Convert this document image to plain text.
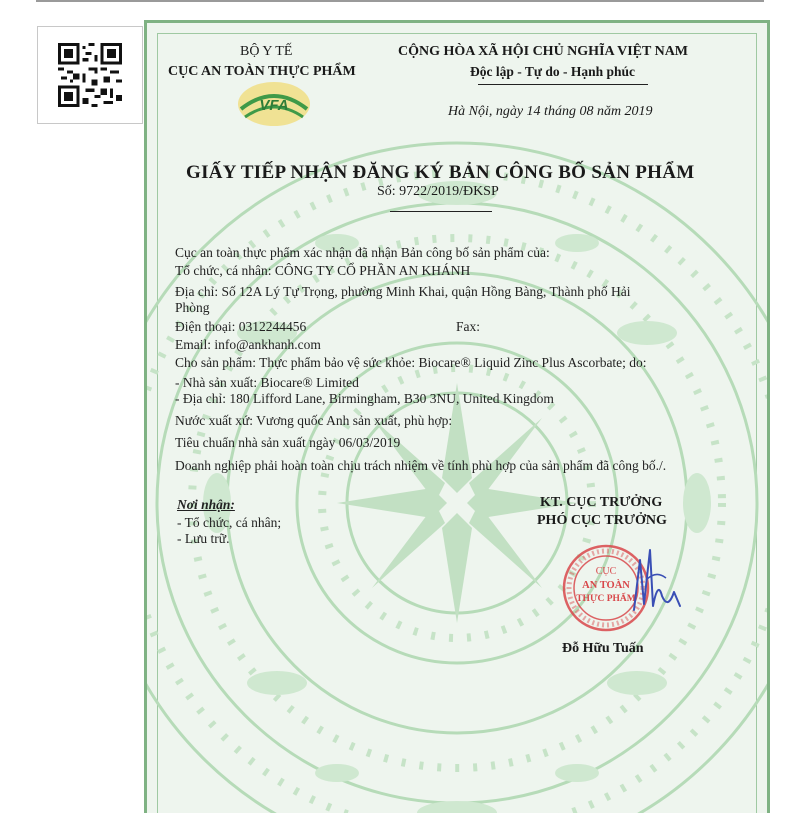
VFA
BỘ Y TẾ
CỤC AN TOÀN THỰC PHẨM
CỘNG HÒA XÃ HỘI CHỦ NGHĨA VIỆT NAM
Độc lập - Tự do - Hạnh phúc
Hà Nội, ngày 14 tháng 08 năm 2019
GIẤY TIẾP NHẬN ĐĂNG KÝ BẢN CÔNG BỐ SẢN PHẨM
Số: 9722/2019/ĐKSP
Cục an toàn thực phẩm xác nhận đã nhận Bản công bố sản phẩm của:
Tổ chức, cá nhân: CÔNG TY CỔ PHẦN AN KHÁNH
Địa chỉ: Số 12A Lý Tự Trọng, phường Minh Khai, quận Hồng Bàng, Thành phố Hải
Phòng
Điện thoại: 0312244456	Fax:
Email: info@ankhanh.com
Cho sản phẩm: Thực phẩm bảo vệ sức khỏe: Biocare® Liquid Zinc Plus Ascorbate; do:
- Nhà sản xuất: Biocare® Limited
- Địa chỉ: 180 Lifford Lane, Birmingham, B30 3NU, United Kingdom
Nước xuất xứ: Vương quốc Anh sản xuất, phù hợp:
Tiêu chuẩn nhà sản xuất ngày 06/03/2019
Doanh nghiệp phải hoàn toàn chịu trách nhiệm về tính phù hợp của sản phẩm đã công bố./.
Nơi nhận:
- Tổ chức, cá nhân;
- Lưu trữ.
KT. CỤC TRƯỞNG
PHÓ CỤC TRƯỞNG
CỤC
AN TOÀN
THỰC PHẨM
Đỗ Hữu Tuấn
